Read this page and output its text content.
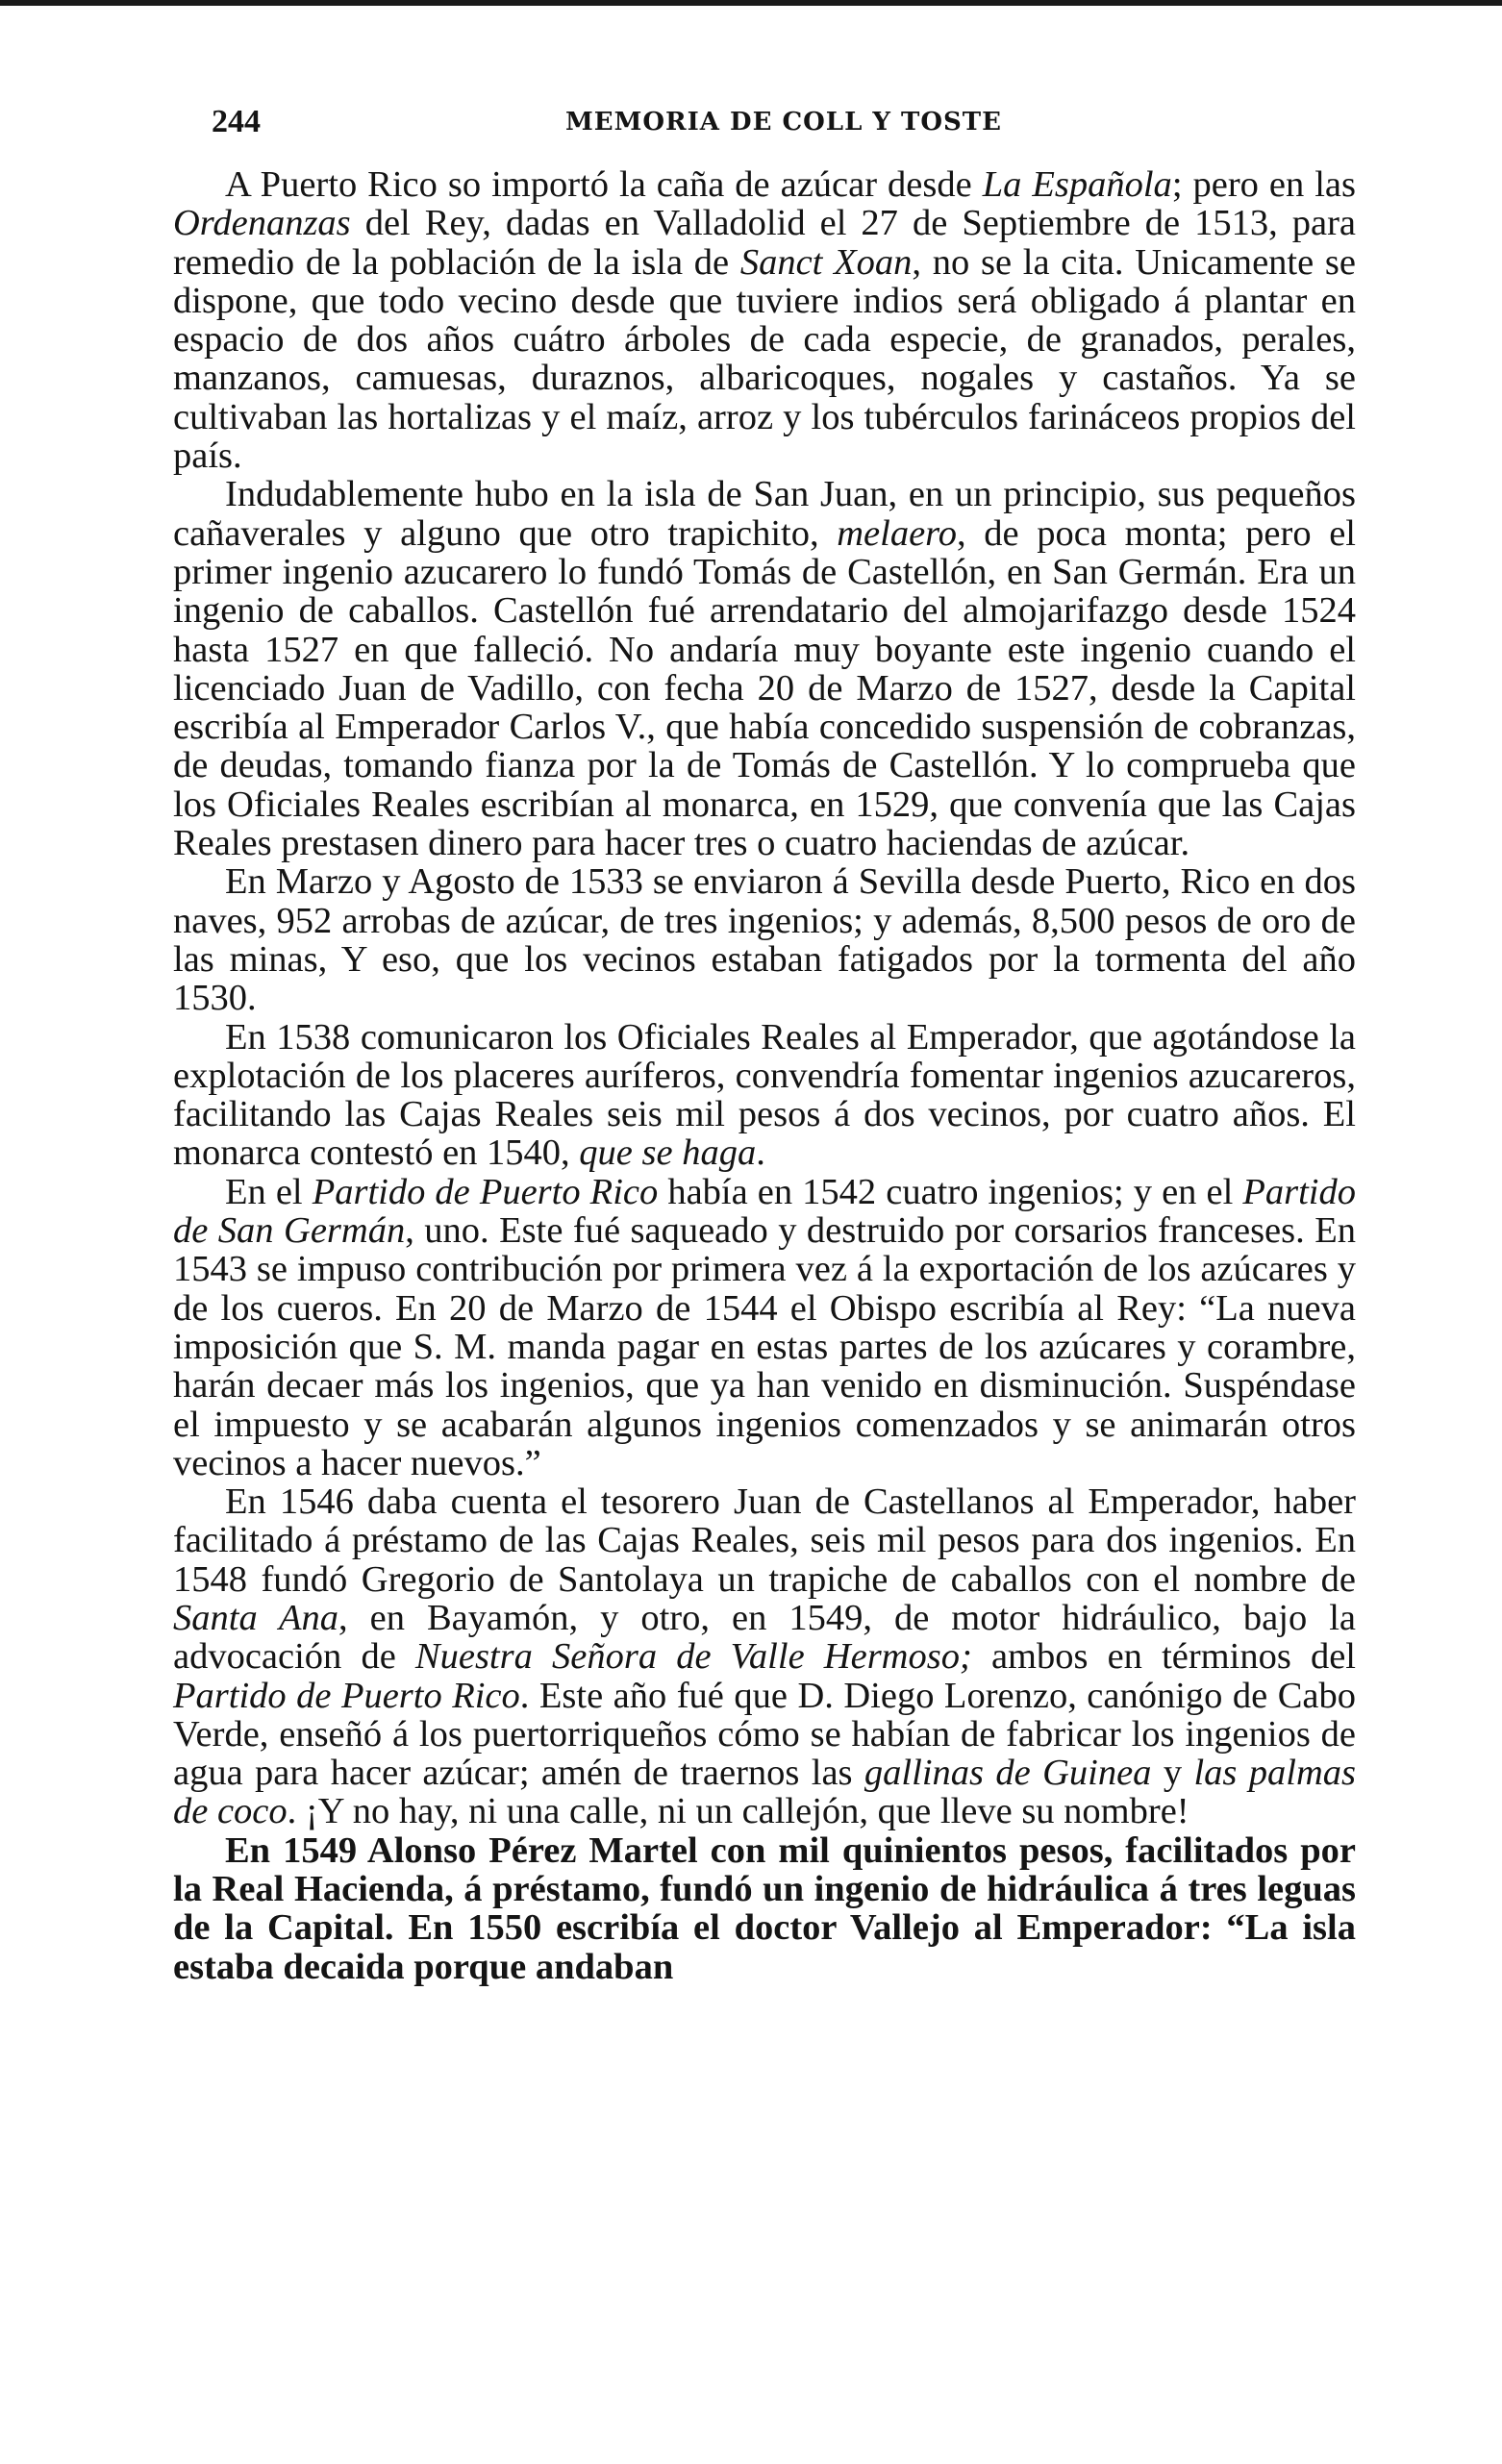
244	MEMORIA DE COLL Y TOSTE

A Puerto Rico so importó la caña de azúcar desde La Española; pero en las Ordenanzas del Rey, dadas en Valladolid el 27 de Septiembre de 1513, para remedio de la población de la isla de Sanct Xoan, no se la cita. Unicamente se dispone, que todo vecino desde que tuviere indios será obligado á plantar en espacio de dos años cuátro árboles de cada especie, de granados, perales, manzanos, camuesas, duraznos, albaricoques, nogales y castaños. Ya se cultivaban las hortalizas y el maíz, arroz y los tubérculos farináceos propios del país.

Indudablemente hubo en la isla de San Juan, en un principio, sus pequeños cañaverales y alguno que otro trapichito, melaero, de poca monta; pero el primer ingenio azucarero lo fundó Tomás de Castellón, en San Germán. Era un ingenio de caballos. Castellón fué arrendatario del almojarifazgo desde 1524 hasta 1527 en que falleció. No andaría muy boyante este ingenio cuando el licenciado Juan de Vadillo, con fecha 20 de Marzo de 1527, desde la Capital escribía al Emperador Carlos V., que había concedido suspensión de cobranzas, de deudas, tomando fianza por la de Tomás de Castellón. Y lo comprueba que los Oficiales Reales escribían al monarca, en 1529, que convenía que las Cajas Reales prestasen dinero para hacer tres o cuatro haciendas de azúcar.

En Marzo y Agosto de 1533 se enviaron á Sevilla desde Puerto, Rico en dos naves, 952 arrobas de azúcar, de tres ingenios; y además, 8,500 pesos de oro de las minas, Y eso, que los vecinos estaban fatigados por la tormenta del año 1530.

En 1538 comunicaron los Oficiales Reales al Emperador, que agotándose la explotación de los placeres auríferos, convendría fomentar ingenios azucareros, facilitando las Cajas Reales seis mil pesos á dos vecinos, por cuatro años. El monarca contestó en 1540, que se haga.

En el Partido de Puerto Rico había en 1542 cuatro ingenios; y en el Partido de San Germán, uno. Este fué saqueado y destruido por corsarios franceses. En 1543 se impuso contribución por primera vez á la exportación de los azúcares y de los cueros. En 20 de Marzo de 1544 el Obispo escribía al Rey: “La nueva imposición que S. M. manda pagar en estas partes de los azúcares y corambre, harán decaer más los ingenios, que ya han venido en disminución. Suspéndase el impuesto y se acabarán algunos ingenios comenzados y se animarán otros vecinos a hacer nuevos.”

En 1546 daba cuenta el tesorero Juan de Castellanos al Emperador, haber facilitado á préstamo de las Cajas Reales, seis mil pesos para dos ingenios. En 1548 fundó Gregorio de Santolaya un trapiche de caballos con el nombre de Santa Ana, en Bayamón, y otro, en 1549, de motor hidráulico, bajo la advocación de Nuestra Señora de Valle Hermoso; ambos en términos del Partido de Puerto Rico. Este año fué que D. Diego Lorenzo, canónigo de Cabo Verde, enseñó á los puertorriqueños cómo se habían de fabricar los ingenios de agua para hacer azúcar; amén de traernos las gallinas de Guinea y las palmas de coco. ¡Y no hay, ni una calle, ni un callejón, que lleve su nombre!

En 1549 Alonso Pérez Martel con mil quinientos pesos, facilitados por la Real Hacienda, á préstamo, fundó un ingenio de hidráulica á tres leguas de la Capital. En 1550 escribía el doctor Vallejo al Emperador: “La isla estaba decaida porque andaban
